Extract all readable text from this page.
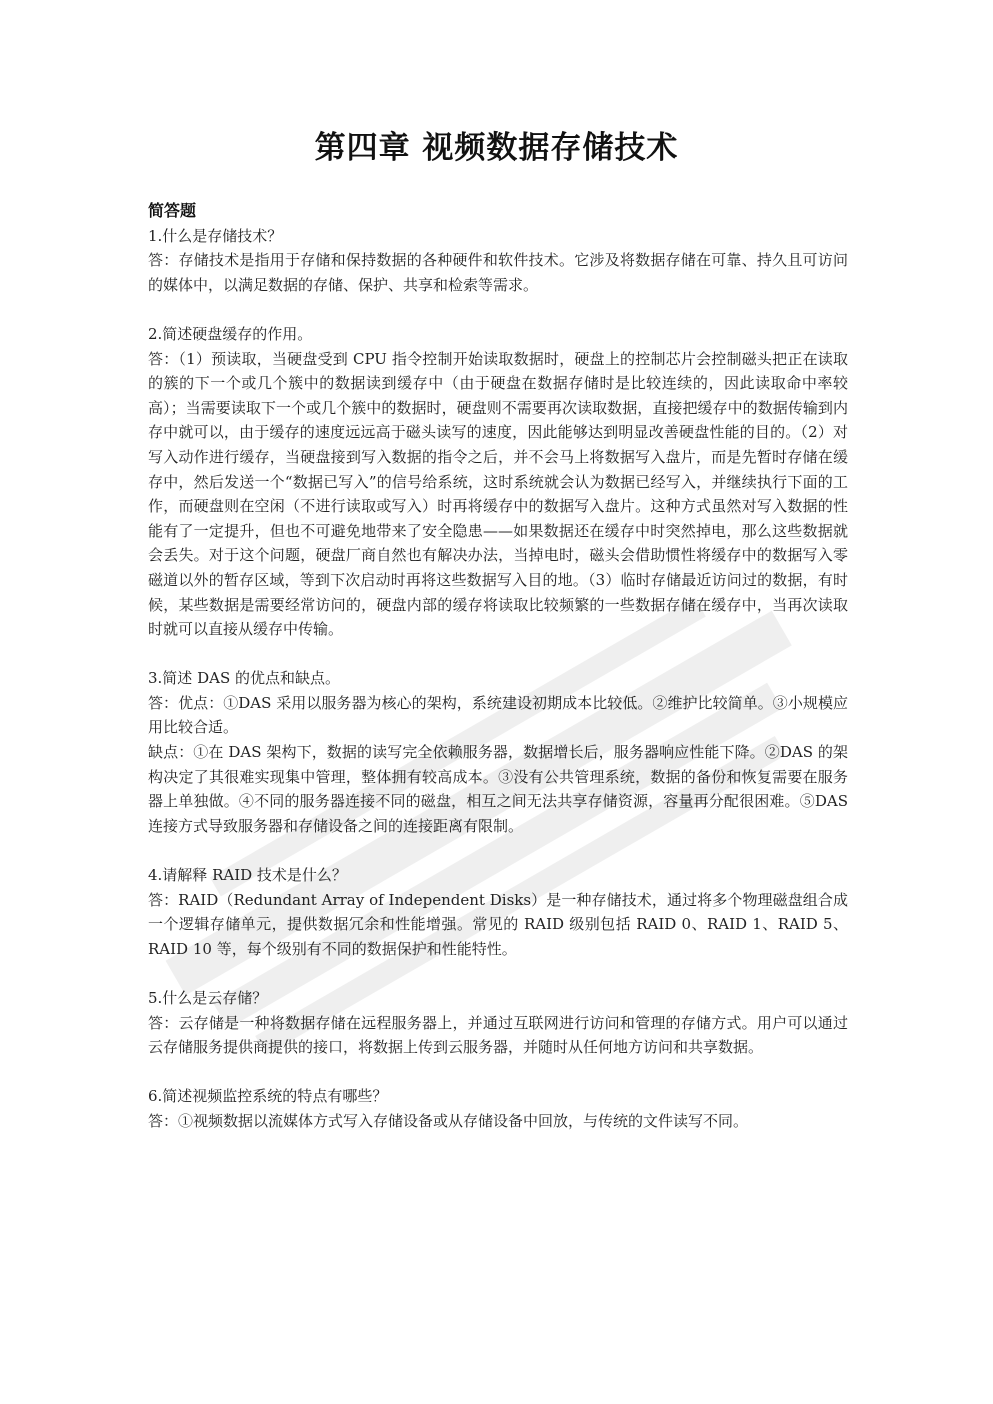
第四章 视频数据存储技术

简答题

1.什么是存储技术？

答：存储技术是指用于存储和保持数据的各种硬件和软件技术。它涉及将数据存储在可靠、持久且可访问的媒体中，以满足数据的存储、保护、共享和检索等需求。

2.简述硬盘缓存的作用。

答：（1）预读取，当硬盘受到 CPU 指令控制开始读取数据时，硬盘上的控制芯片会控制磁头把正在读取的簇的下一个或几个簇中的数据读到缓存中（由于硬盘在数据存储时是比较连续的，因此读取命中率较高）；当需要读取下一个或几个簇中的数据时，硬盘则不需要再次读取数据，直接把缓存中的数据传输到内存中就可以，由于缓存的速度远远高于磁头读写的速度，因此能够达到明显改善硬盘性能的目的。（2）对写入动作进行缓存，当硬盘接到写入数据的指令之后，并不会马上将数据写入盘片，而是先暂时存储在缓存中，然后发送一个“数据已写入”的信号给系统，这时系统就会认为数据已经写入，并继续执行下面的工作，而硬盘则在空闲（不进行读取或写入）时再将缓存中的数据写入盘片。这种方式虽然对写入数据的性能有了一定提升，但也不可避免地带来了安全隐患——如果数据还在缓存中时突然掉电，那么这些数据就会丢失。对于这个问题，硬盘厂商自然也有解决办法，当掉电时，磁头会借助惯性将缓存中的数据写入零磁道以外的暂存区域，等到下次启动时再将这些数据写入目的地。（3）临时存储最近访问过的数据，有时候，某些数据是需要经常访问的，硬盘内部的缓存将读取比较频繁的一些数据存储在缓存中，当再次读取时就可以直接从缓存中传输。

3.简述 DAS 的优点和缺点。

答：优点：①DAS 采用以服务器为核心的架构，系统建设初期成本比较低。②维护比较简单。③小规模应用比较合适。

缺点：①在 DAS 架构下，数据的读写完全依赖服务器，数据增长后，服务器响应性能下降。②DAS 的架构决定了其很难实现集中管理，整体拥有较高成本。③没有公共管理系统，数据的备份和恢复需要在服务器上单独做。④不同的服务器连接不同的磁盘，相互之间无法共享存储资源，容量再分配很困难。⑤DAS 连接方式导致服务器和存储设备之间的连接距离有限制。

4.请解释 RAID 技术是什么？

答：RAID（Redundant Array of Independent Disks）是一种存储技术，通过将多个物理磁盘组合成一个逻辑存储单元，提供数据冗余和性能增强。常见的 RAID 级别包括 RAID 0、RAID 1、RAID 5、RAID 10 等，每个级别有不同的数据保护和性能特性。

5.什么是云存储？

答：云存储是一种将数据存储在远程服务器上，并通过互联网进行访问和管理的存储方式。用户可以通过云存储服务提供商提供的接口，将数据上传到云服务器，并随时从任何地方访问和共享数据。

6.简述视频监控系统的特点有哪些？

答：①视频数据以流媒体方式写入存储设备或从存储设备中回放，与传统的文件读写不同。
